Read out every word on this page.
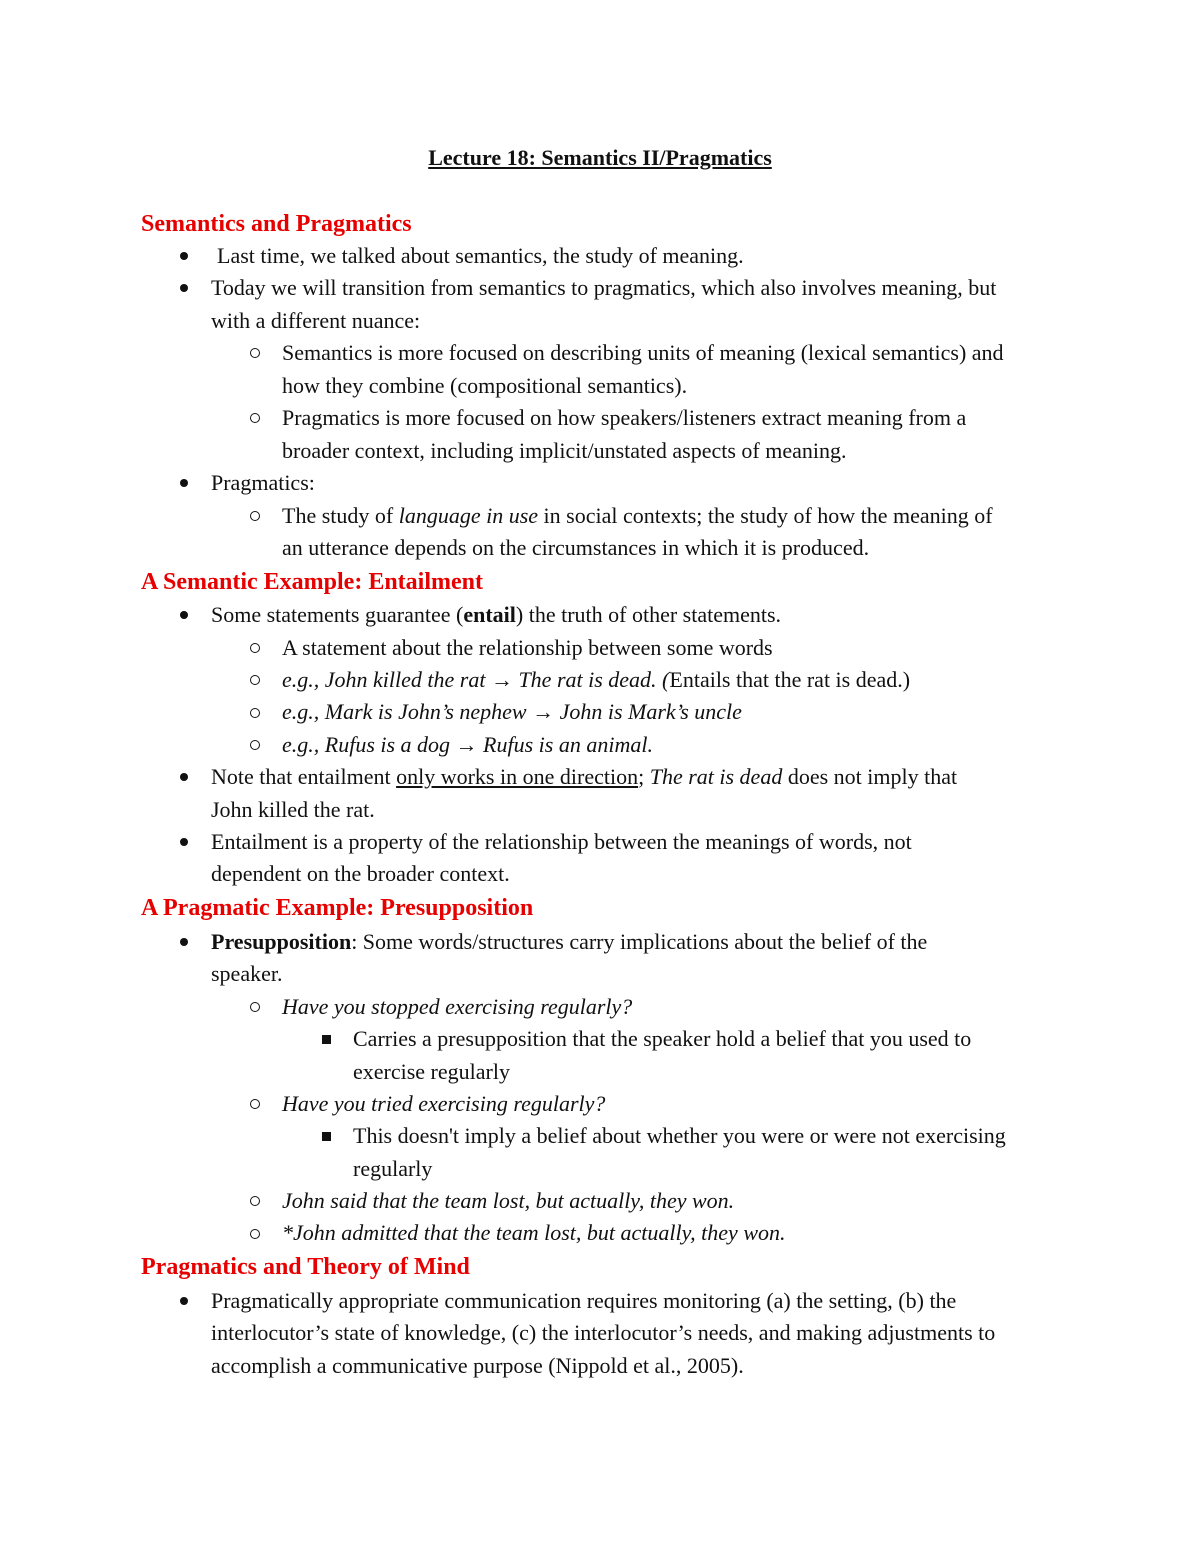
Lecture 18: Semantics II/Pragmatics
Semantics and Pragmatics
Last time, we talked about semantics, the study of meaning.
Today we will transition from semantics to pragmatics, which also involves meaning, but
with a different nuance:
Semantics is more focused on describing units of meaning (lexical semantics) and
how they combine (compositional semantics).
Pragmatics is more focused on how speakers/listeners extract meaning from a
broader context, including implicit/unstated aspects of meaning.
Pragmatics:
The study of language in use in social contexts; the study of how the meaning of
an utterance depends on the circumstances in which it is produced.
A Semantic Example: Entailment
Some statements guarantee (entail) the truth of other statements.
A statement about the relationship between some words
e.g., John killed the rat → The rat is dead. (Entails that the rat is dead.)
e.g., Mark is John’s nephew → John is Mark’s uncle
e.g., Rufus is a dog → Rufus is an animal.
Note that entailment only works in one direction; The rat is dead does not imply that
John killed the rat.
Entailment is a property of the relationship between the meanings of words, not
dependent on the broader context.
A Pragmatic Example: Presupposition
Presupposition: Some words/structures carry implications about the belief of the
speaker.
Have you stopped exercising regularly?
Carries a presupposition that the speaker hold a belief that you used to
exercise regularly
Have you tried exercising regularly?
This doesn't imply a belief about whether you were or were not exercising
regularly
John said that the team lost, but actually, they won.
*John admitted that the team lost, but actually, they won.
Pragmatics and Theory of Mind
Pragmatically appropriate communication requires monitoring (a) the setting, (b) the
interlocutor’s state of knowledge, (c) the interlocutor’s needs, and making adjustments to
accomplish a communicative purpose (Nippold et al., 2005).
